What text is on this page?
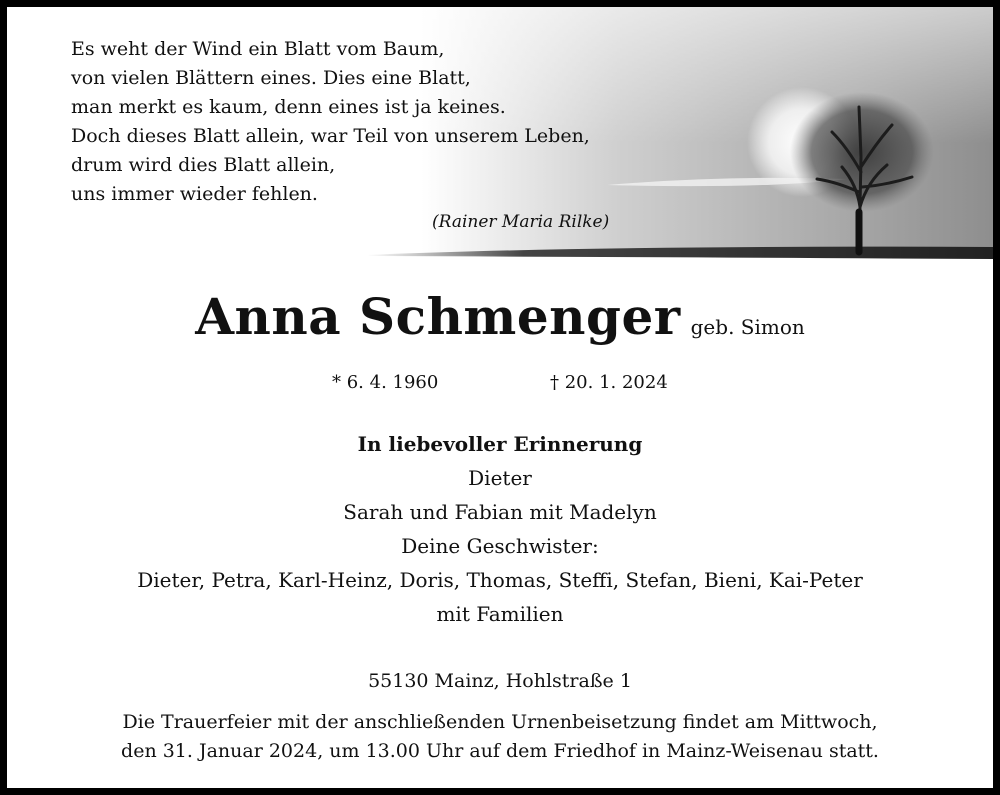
Es weht der Wind ein Blatt vom Baum,
von vielen Blättern eines. Dies eine Blatt,
man merkt es kaum, denn eines ist ja keines.
Doch dieses Blatt allein, war Teil von unserem Leben,
drum wird dies Blatt allein,
uns immer wieder fehlen.
(Rainer Maria Rilke)
Anna Schmenger geb. Simon
* 6. 4. 1960	† 20. 1. 2024
In liebevoller Erinnerung
Dieter
Sarah und Fabian mit Madelyn
Deine Geschwister:
Dieter, Petra, Karl-Heinz, Doris, Thomas, Steffi, Stefan, Bieni, Kai-Peter
mit Familien
55130 Mainz, Hohlstraße 1
Die Trauerfeier mit der anschließenden Urnenbeisetzung findet am Mittwoch,
den 31. Januar 2024, um 13.00 Uhr auf dem Friedhof in Mainz-Weisenau statt.
